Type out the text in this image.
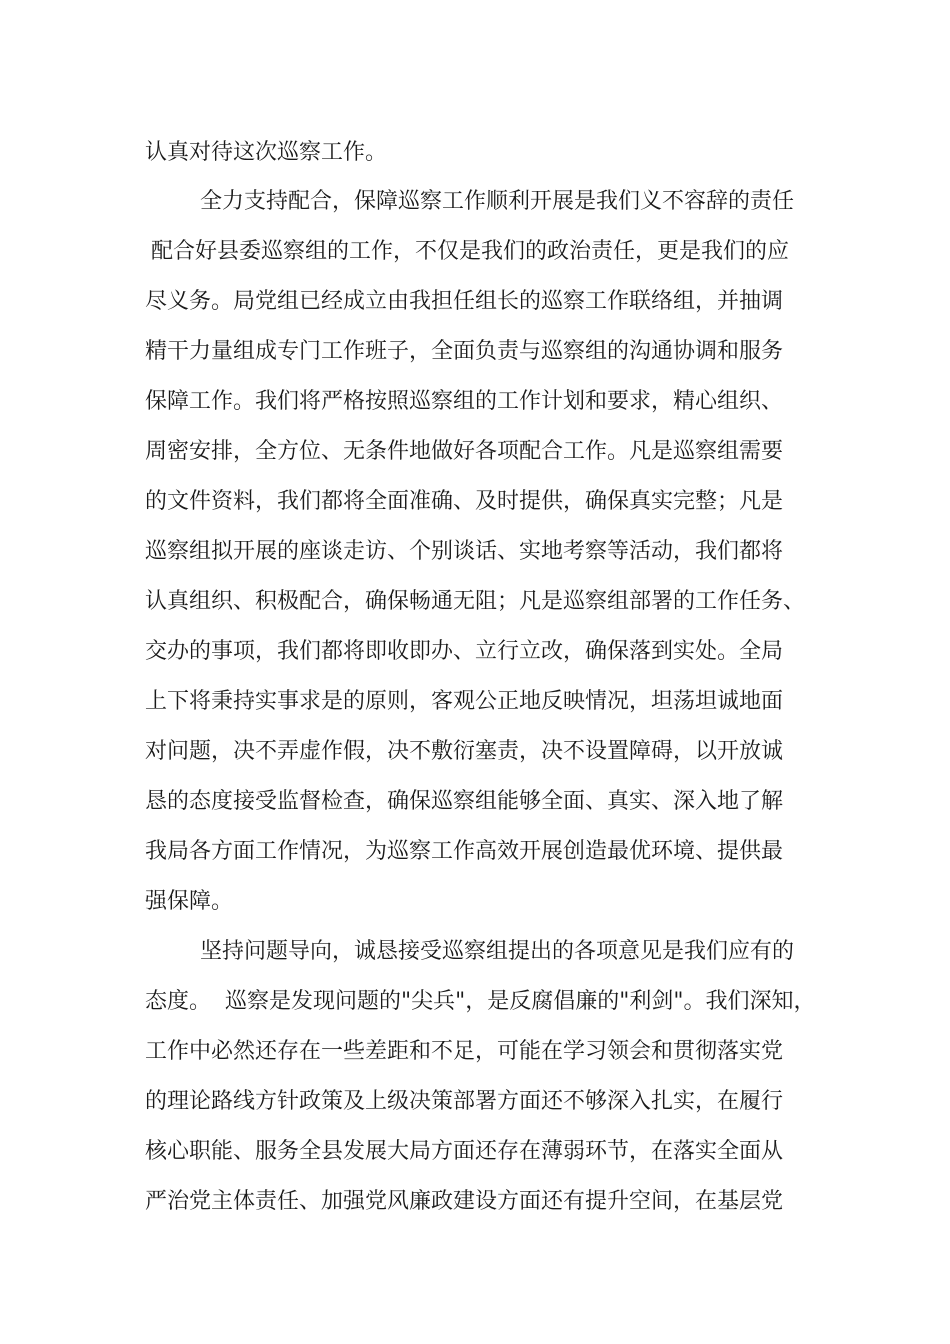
认真对待这次巡察工作。
全力支持配合，保障巡察工作顺利开展是我们义不容辞的责任
配合好县委巡察组的工作，不仅是我们的政治责任，更是我们的应
尽义务。局党组已经成立由我担任组长的巡察工作联络组，并抽调
精干力量组成专门工作班子，全面负责与巡察组的沟通协调和服务
保障工作。我们将严格按照巡察组的工作计划和要求，精心组织、
周密安排，全方位、无条件地做好各项配合工作。凡是巡察组需要
的文件资料，我们都将全面准确、及时提供，确保真实完整；凡是
巡察组拟开展的座谈走访、个别谈话、实地考察等活动，我们都将
认真组织、积极配合，确保畅通无阻；凡是巡察组部署的工作任务、
交办的事项，我们都将即收即办、立行立改，确保落到实处。全局
上下将秉持实事求是的原则，客观公正地反映情况，坦荡坦诚地面
对问题，决不弄虚作假，决不敷衍塞责，决不设置障碍，以开放诚
恳的态度接受监督检查，确保巡察组能够全面、真实、深入地了解
我局各方面工作情况，为巡察工作高效开展创造最优环境、提供最
强保障。
坚持问题导向，诚恳接受巡察组提出的各项意见是我们应有的
态度。  巡察是发现问题的"尖兵"，是反腐倡廉的"利剑"。我们深知，
工作中必然还存在一些差距和不足，可能在学习领会和贯彻落实党
的理论路线方针政策及上级决策部署方面还不够深入扎实，在履行
核心职能、服务全县发展大局方面还存在薄弱环节，在落实全面从
严治党主体责任、加强党风廉政建设方面还有提升空间，在基层党
